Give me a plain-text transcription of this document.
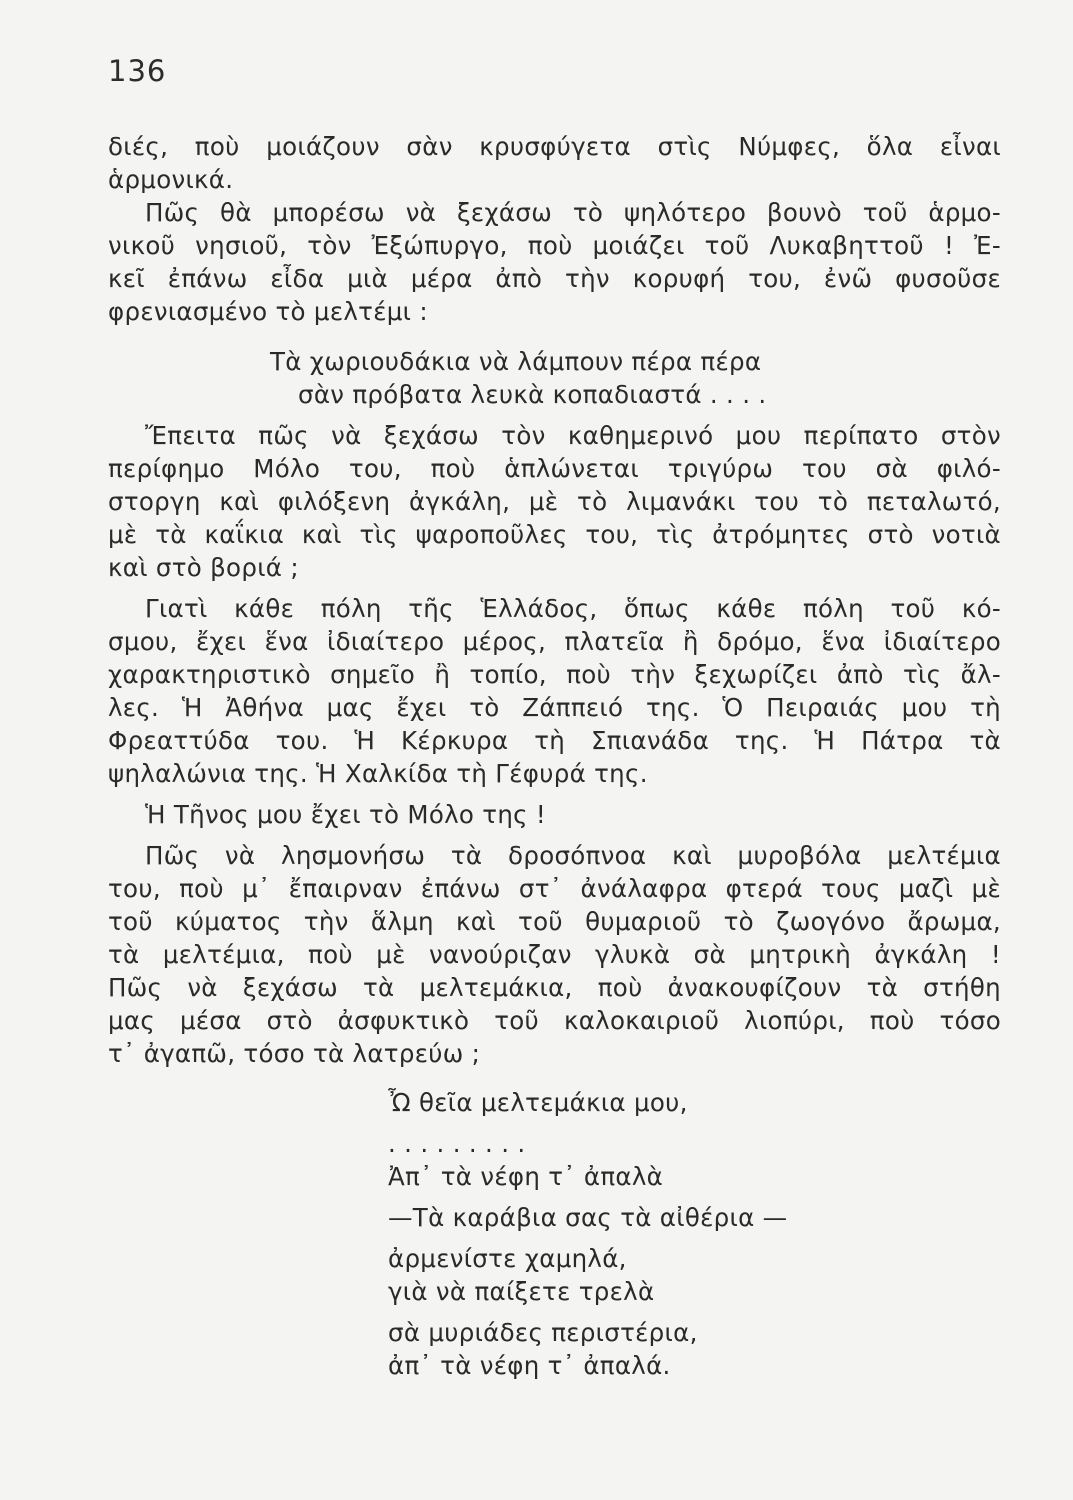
136
διές, ποὺ μοιάζουν σὰν κρυσφύγετα στὶς Νύμφες, ὅλα εἶναι
ἁρμονικά.
Πῶς θὰ μπορέσω νὰ ξεχάσω τὸ ψηλότερο βουνὸ τοῦ ἁρμο-
νικοῦ νησιοῦ, τὸν Ἐξώπυργο, ποὺ μοιάζει τοῦ Λυκαβηττοῦ ! Ἐ-
κεῖ ἐπάνω εἶδα μιὰ μέρα ἀπὸ τὴν κορυφή του, ἐνῶ φυσοῦσε
φρενιασμένο τὸ μελτέμι :
Τὰ χωριουδάκια νὰ λάμπουν πέρα πέρα
σὰν πρόβατα λευκὰ κοπαδιαστά . . . .
Ἔπειτα πῶς νὰ ξεχάσω τὸν καθημερινό μου περίπατο στὸν
περίφημο Μόλο του, ποὺ ἁπλώνεται τριγύρω του σὰ φιλό-
στοργη καὶ φιλόξενη ἀγκάλη, μὲ τὸ λιμανάκι του τὸ πεταλωτό,
μὲ τὰ καΐκια καὶ τὶς ψαροποῦλες του, τὶς ἀτρόμητες στὸ νοτιὰ
καὶ στὸ βοριά ;
Γιατὶ κάθε πόλη τῆς Ἑλλάδος, ὅπως κάθε πόλη τοῦ κό-
σμου, ἔχει ἕνα ἰδιαίτερο μέρος, πλατεῖα ἢ δρόμο, ἕνα ἰδιαίτερο
χαρακτηριστικὸ σημεῖο ἢ τοπίο, ποὺ τὴν ξεχωρίζει ἀπὸ τὶς ἄλ-
λες. Ἡ Ἀθήνα μας ἔχει τὸ Ζάππειό της. Ὁ Πειραιάς μου τὴ
Φρεαττύδα του. Ἡ Κέρκυρα τὴ Σπιανάδα της. Ἡ Πάτρα τὰ
ψηλαλώνια της. Ἡ Χαλκίδα τὴ Γέφυρά της.
Ἡ Τῆνος μου ἔχει τὸ Μόλο της !
Πῶς νὰ λησμονήσω τὰ δροσόπνοα καὶ μυροβόλα μελτέμια
του, ποὺ μ᾿ ἔπαιρναν ἐπάνω στ᾿ ἀνάλαφρα φτερά τους μαζὶ μὲ
τοῦ κύματος τὴν ἅλμη καὶ τοῦ θυμαριοῦ τὸ ζωογόνο ἄρωμα,
τὰ μελτέμια, ποὺ μὲ νανούριζαν γλυκὰ σὰ μητρικὴ ἀγκάλη !
Πῶς νὰ ξεχάσω τὰ μελτεμάκια, ποὺ ἀνακουφίζουν τὰ στήθη
μας μέσα στὸ ἀσφυκτικὸ τοῦ καλοκαιριοῦ λιοπύρι, ποὺ τόσο
τ᾿ ἀγαπῶ, τόσο τὰ λατρεύω ;
Ὦ θεῖα μελτεμάκια μου,
. . . . . . . . .
Ἀπ᾿ τὰ νέφη τ᾿ ἀπαλὰ
—Τὰ καράβια σας τὰ αἰθέρια —
ἀρμενίστε χαμηλά,
γιὰ νὰ παίξετε τρελὰ
σὰ μυριάδες περιστέρια,
ἀπ᾿ τὰ νέφη τ᾿ ἀπαλά.
